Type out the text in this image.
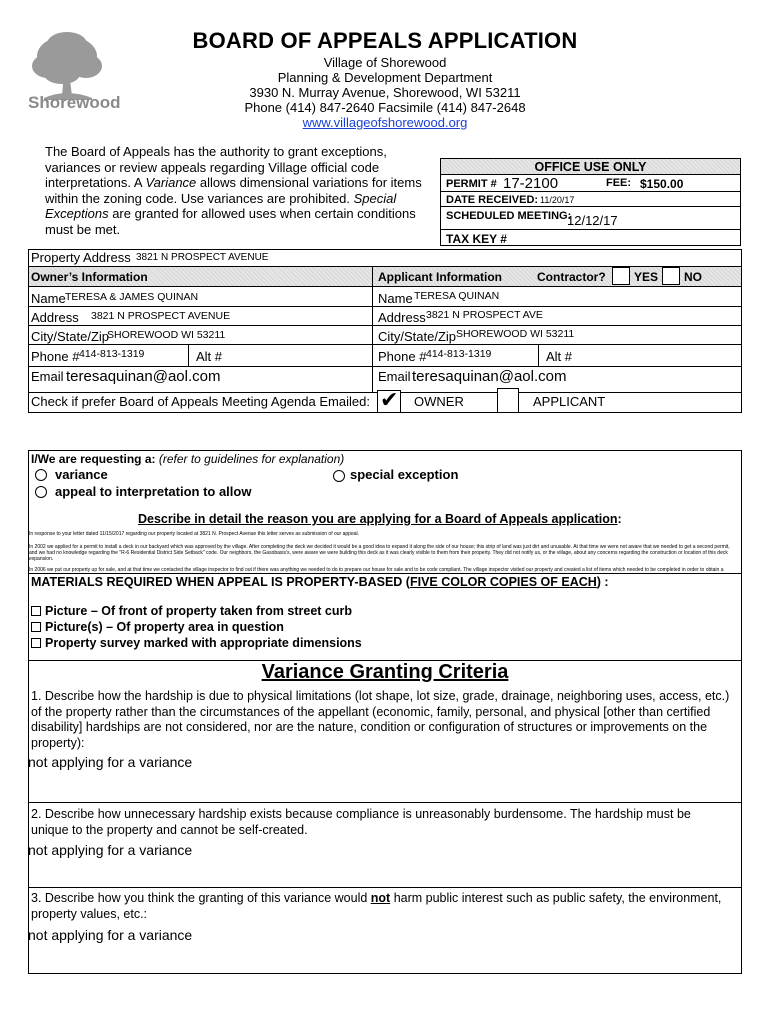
Shorewood
BOARD OF APPEALS APPLICATION
Village of Shorewood
Planning & Development Department
3930 N. Murray Avenue, Shorewood, WI 53211
Phone (414) 847-2640 Facsimile (414) 847-2648
www.villageofshorewood.org
The Board of Appeals has the authority to grant exceptions,
variances or review appeals regarding Village official code
interpretations. A Variance allows dimensional variations for items
within the zoning code. Use variances are prohibited. Special
Exceptions are granted for allowed uses when certain conditions
must be met.
OFFICE USE ONLY
PERMIT # 17-2100	FEE: $150.00
DATE RECEIVED: 11/20/17
SCHEDULED MEETING:
12/12/17
TAX KEY #
Property Address 3821 N PROSPECT AVENUE
Owner’s Information	Applicant Information	Contractor? YES NO
Name TERESA & JAMES QUINAN
Address 3821 N PROSPECT AVENUE
City/State/Zip
SHOREWOOD WI 53211
Phone # 414-813-1319	Alt #
Email teresaquinan@aol.com
Name TERESA QUINAN
Address 3821 N PROSPECT AVE
City/State/Zip SHOREWOOD WI 53211
Phone # 414-813-1319	Alt #
Email teresaquinan@aol.com
Check if prefer Board of Appeals Meeting Agenda Emailed: ✔ OWNER	APPLICANT
I/We are requesting a: (refer to guidelines for explanation)
variance	special exception
appeal to interpretation to allow
Describe in detail the reason you are applying for a Board of Appeals application:
In response to your letter dated 11/15/2017 regarding our property located at 3821 N. Prospect Avenue this letter serves as submission of our appeal.
In 2002 we applied for a permit to install a deck in our backyard which was approved by the village. After completing the deck we decided it would be a good idea to expand it along the side of our house; this strip of land was just dirt and unusable. At that time we were not aware that we needed to get a second permit, and we had no knowledge regarding the "R-6 Residential District Side Setback" code. Our neighbors, the Gasobasis's, were aware we were building this deck as it was clearly visible to them from their property. They did not notify us, or the village, about any concerns regarding the construction or location of this deck expansion.
In 2006 we put our property up for sale, and at that time we contacted the village inspector to find out if there was anything we needed to do to prepare our house for sale and to be code compliant. The village inspector visited our property and created a list of items which needed to be completed in order to obtain a
MATERIALS REQUIRED WHEN APPEAL IS PROPERTY-BASED (FIVE COLOR COPIES OF EACH) :
Picture – Of front of property taken from street curb
Picture(s) – Of property area in question
Property survey marked with appropriate dimensions
Variance Granting Criteria
1. Describe how the hardship is due to physical limitations (lot shape, lot size, grade, drainage, neighboring uses, access, etc.)
of the property rather than the circumstances of the appellant (economic, family, personal, and physical [other than certified
disability] hardships are not considered, nor are the nature, condition or configuration of structures or improvements on the
property):
not applying for a variance
2. Describe how unnecessary hardship exists because compliance is unreasonably burdensome. The hardship must be
unique to the property and cannot be self-created.
not applying for a variance
3. Describe how you think the granting of this variance would not harm public interest such as public safety, the environment,
property values, etc.:
not applying for a variance
